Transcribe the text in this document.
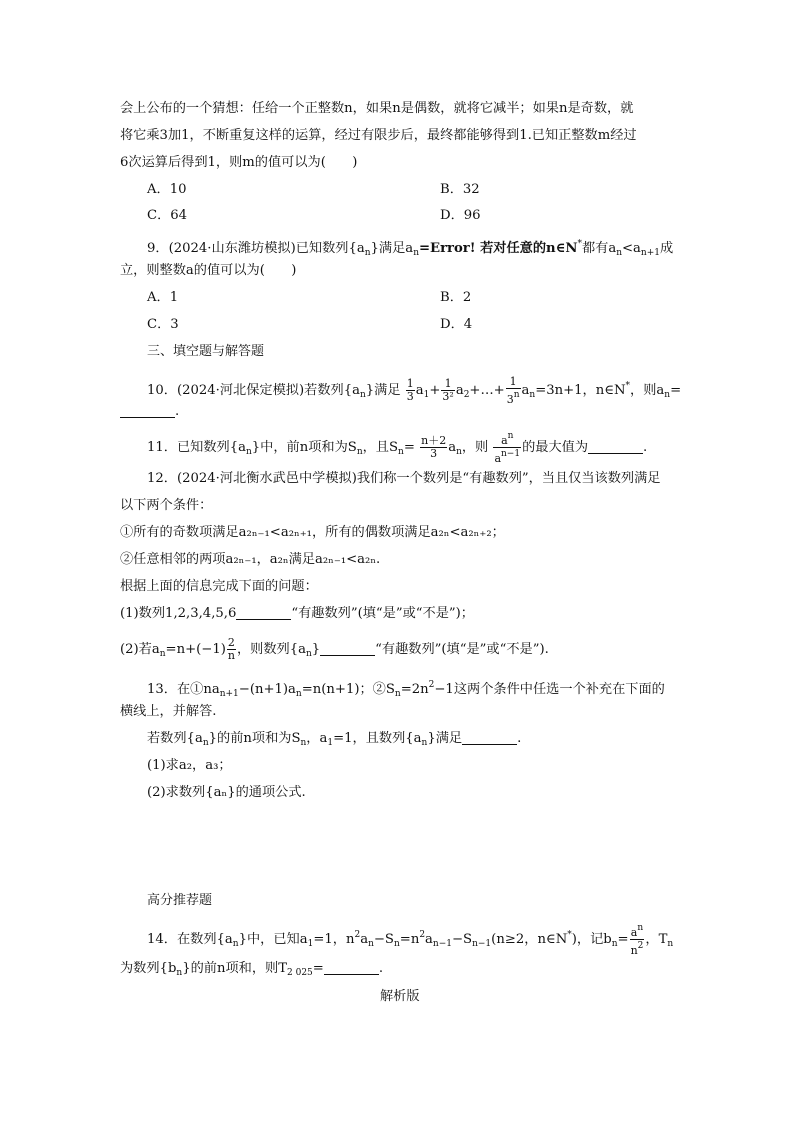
会上公布的一个猜想：任给一个正整数n，如果n是偶数，就将它减半；如果n是奇数，就
将它乘3加1，不断重复这样的运算，经过有限步后，最终都能够得到1.已知正整数m经过
6次运算后得到1，则m的值可以为(　　)
A．10	B．32
C．64	D．96
9．(2024·山东潍坊模拟)已知数列$\{a_n\}$满足$a_n=Error$! 若对任意的n∈N*都有$a_n<a_{n+1}$成
立，则整数a的值可以为(　　)
A．1	B．2
C．3	D．4
三、填空题与解答题
10．(2024·河北保定模拟)若数列$\{a_n\}$满足 $\frac{1}{3} a_1+ \frac{1}{\text{3²}}$ $a_2+\dots+ \frac{1}{3^n} a_n=3n+1$，n∈N*，则$a_n=$
.
11．已知数列$\{a_n\}$中，前n项和为$S_n$，且$S_n= \frac{n+2}{3} a_n$，则 $\frac{a^n}{a^{n-1}}$ 的最大值为	.
12．(2024·河北衡水武邑中学模拟)我们称一个数列是“有趣数列”，当且仅当该数列满足
以下两个条件：
①所有的奇数项满足a₂ₙ₋₁<a₂ₙ₊₁，所有的偶数项满足a₂ₙ<a₂ₙ₊₂；
②任意相邻的两项a₂ₙ₋₁，a₂ₙ满足a₂ₙ₋₁<a₂ₙ.
根据上面的信息完成下面的问题：
(1)数列1,2,3,4,5,6	“有趣数列”(填“是”或“不是”)；
(2)若$a_n=n+(-1) \frac{2}{n}$ ，则数列$\{a_n\}$	“有趣数列”(填“是”或“不是”).
13．在$①na_{n+1}-(n+1)a_n=n(n+1)$；$②S_n=2n^2-1$这两个条件中任选一个补充在下面的
横线上，并解答.
若数列$\{a_n\}$的前n项和为$S_n$，$a_1=1$，且数列$\{a_n\}$满足	.
(1)求a₂，a₃；
(2)求数列{aₙ}的通项公式.
高分推荐题
14．在数列$\{a_n\}$中，已知$a_1=1$，$n^2a_n-S_n=n^2a_{n-1}-S_{n-1}(n\ge 2$，n∈N*)，记$b_n= \frac{a^n}{n^2}$ ，$T_n$
为数列$\{b_n\}$的前n项和，则$T_{2 025}=$	.
解析版
